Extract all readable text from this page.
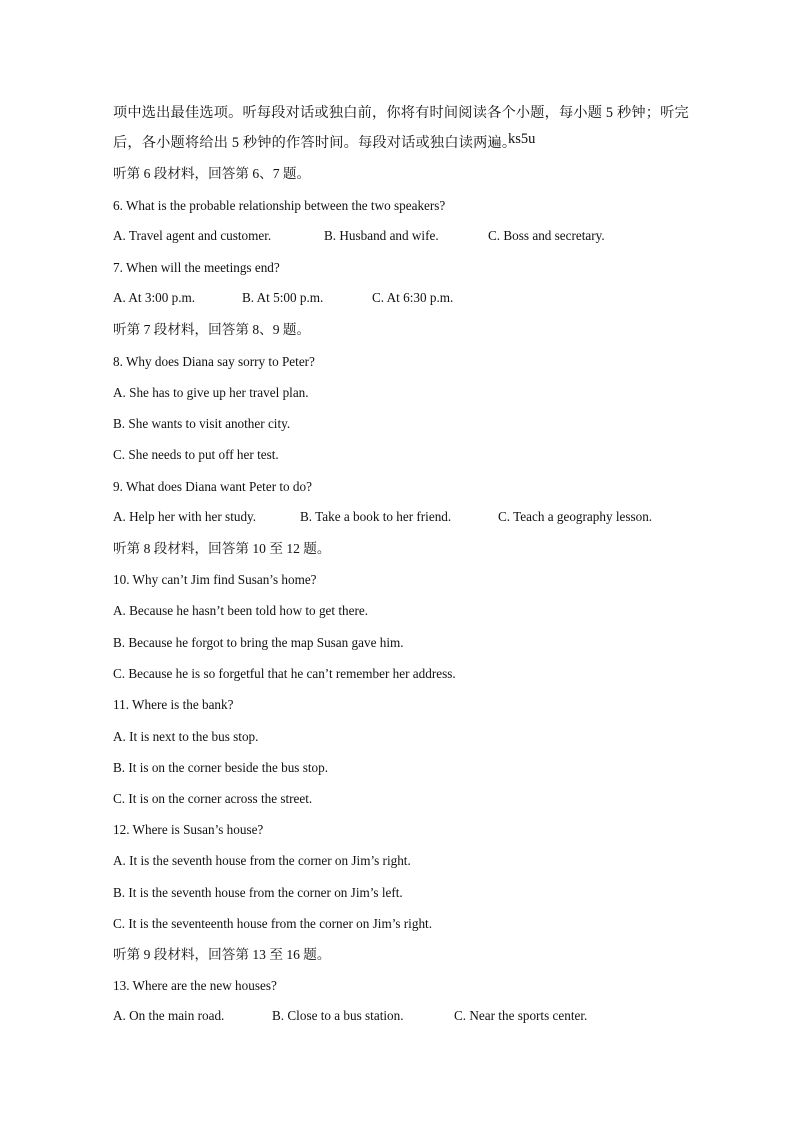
项中选出最佳选项。听每段对话或独白前，你将有时间阅读各个小题，每小题 5 秒钟；听完
后，各小题将给出 5 秒钟的作答时间。每段对话或独白读两遍。
ks5u
听第 6 段材料，回答第 6、7 题。
6. What is the probable relationship between the two speakers?
A. Travel agent and customer.	B. Husband and wife.	C. Boss and secretary.
7. When will the meetings end?
A. At 3:00 p.m.	B. At 5:00 p.m.	C. At 6:30 p.m.
听第 7 段材料，回答第 8、9 题。
8. Why does Diana say sorry to Peter?
A. She has to give up her travel plan.
B. She wants to visit another city.
C. She needs to put off her test.
9. What does Diana want Peter to do?
A. Help her with her study.	B. Take a book to her friend.	C. Teach a geography lesson.
听第 8 段材料，回答第 10 至 12 题。
10. Why can’t Jim find Susan’s home?
A. Because he hasn’t been told how to get there.
B. Because he forgot to bring the map Susan gave him.
C. Because he is so forgetful that he can’t remember her address.
11. Where is the bank?
A. It is next to the bus stop.
B. It is on the corner beside the bus stop.
C. It is on the corner across the street.
12. Where is Susan’s house?
A. It is the seventh house from the corner on Jim’s right.
B. It is the seventh house from the corner on Jim’s left.
C. It is the seventeenth house from the corner on Jim’s right.
听第 9 段材料，回答第 13 至 16 题。
13. Where are the new houses?
A. On the main road.	B. Close to a bus station.	C. Near the sports center.
